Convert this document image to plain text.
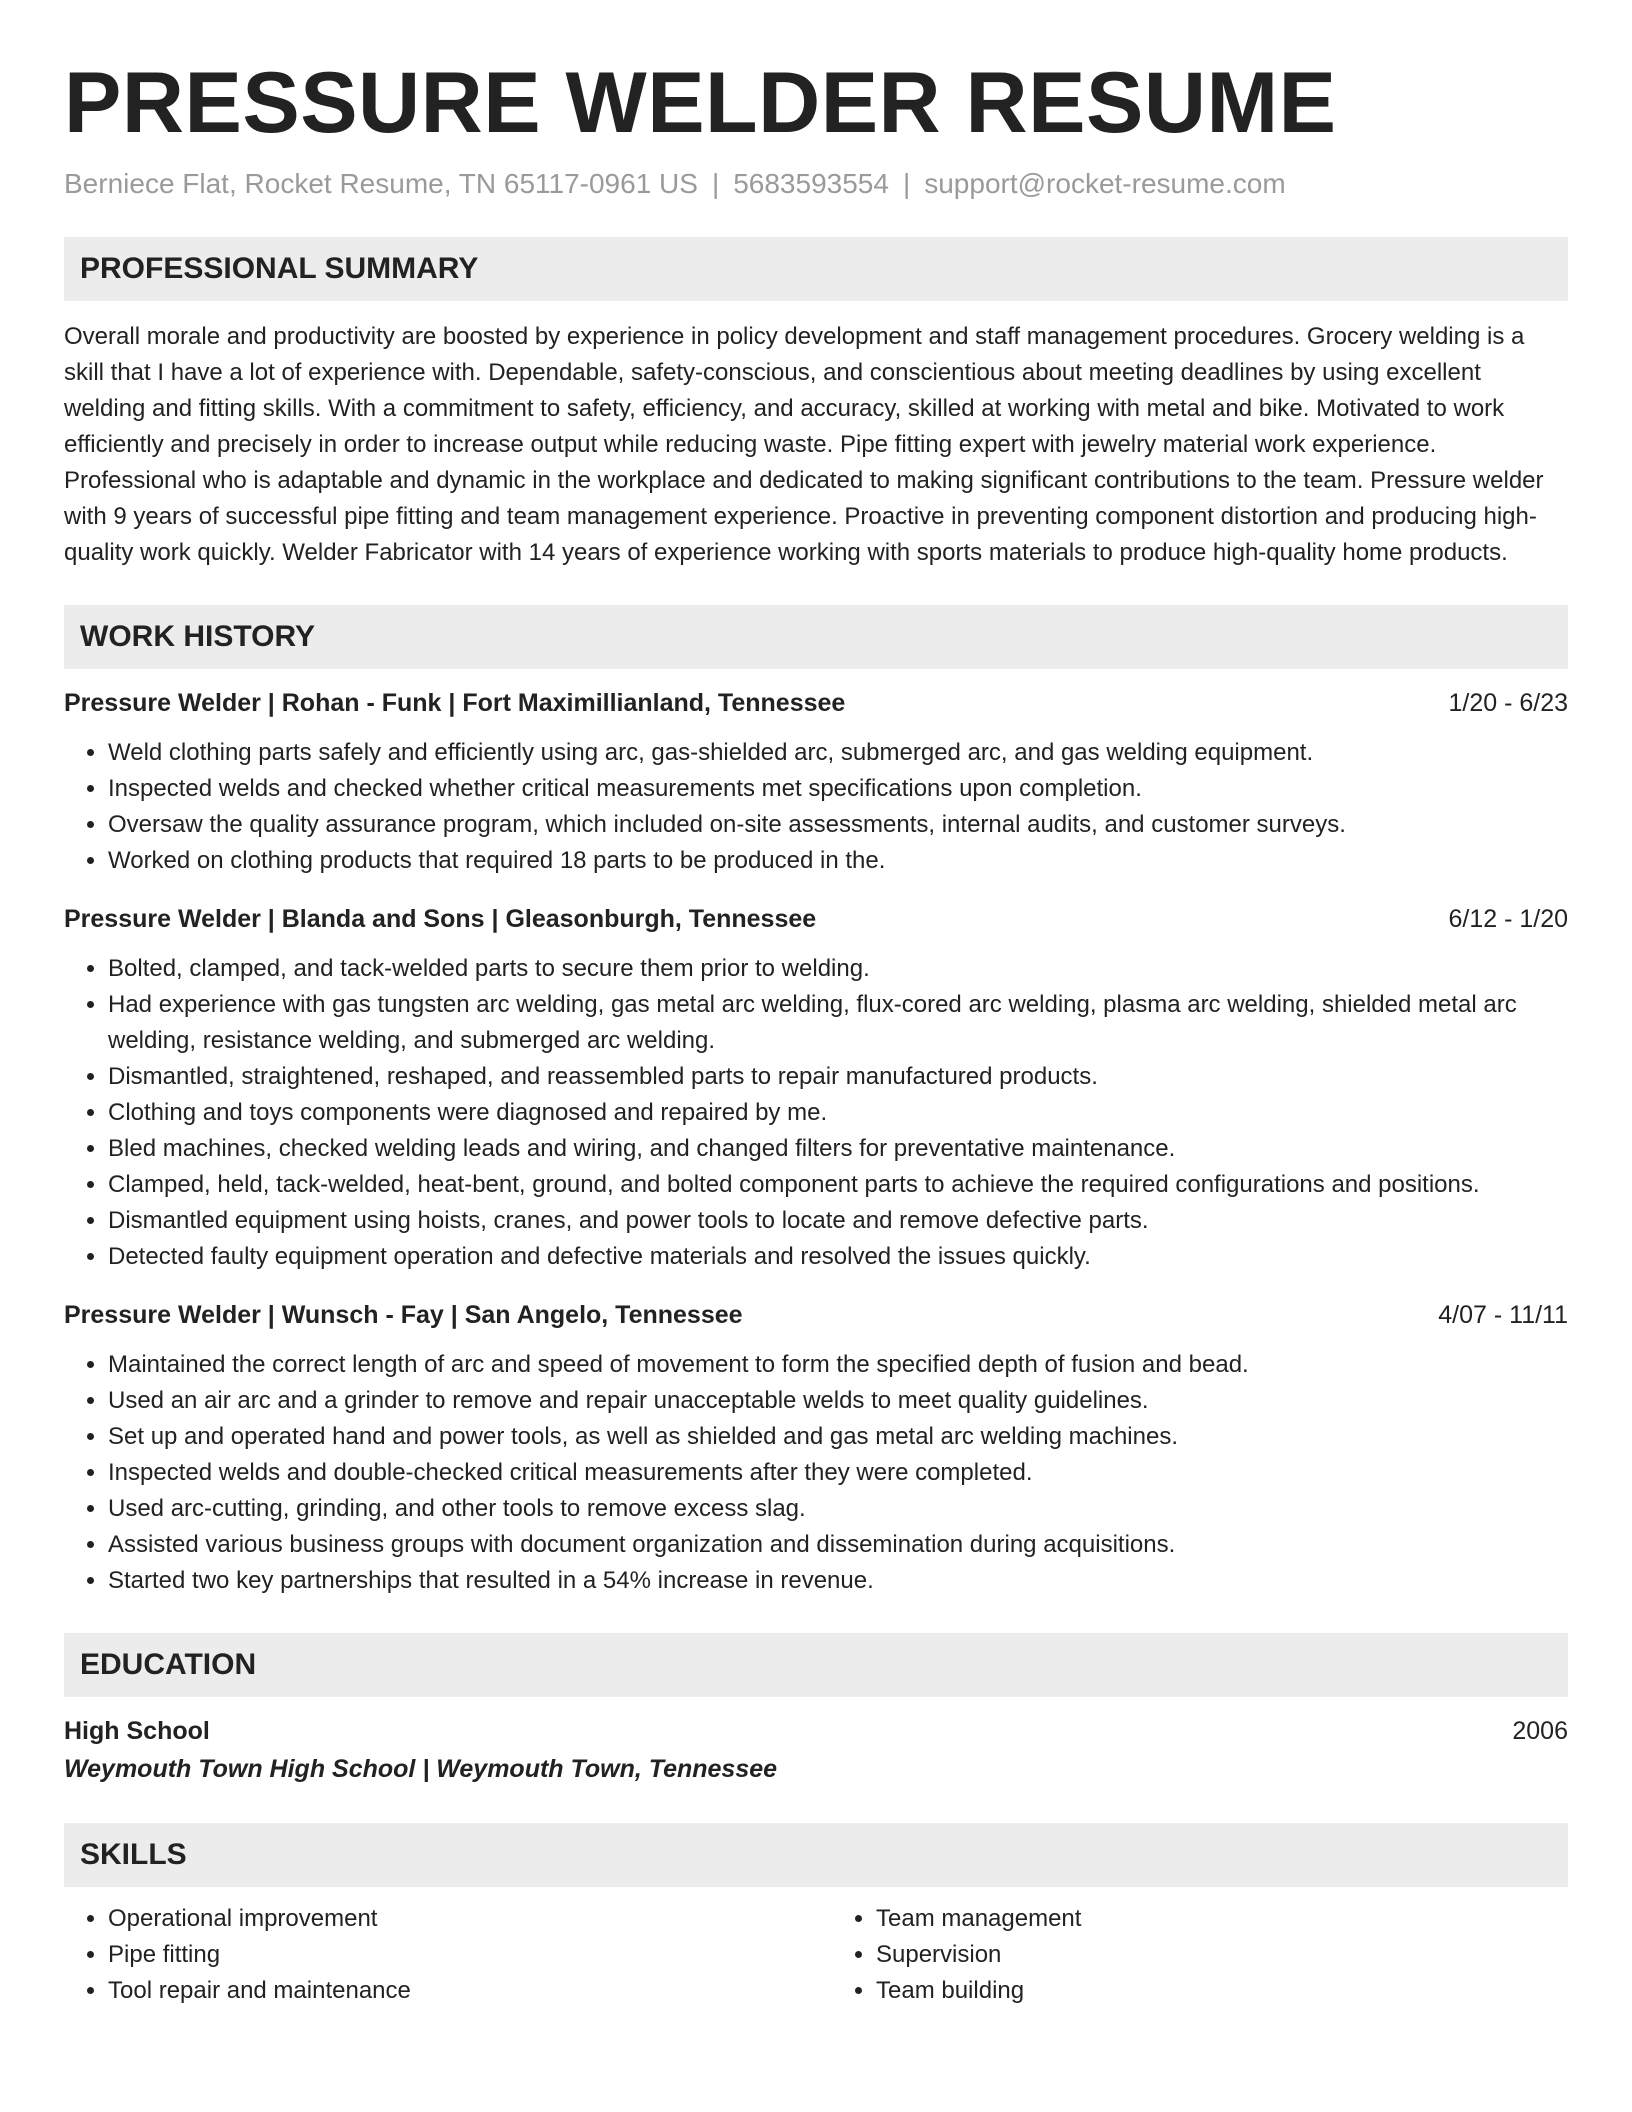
PRESSURE WELDER RESUME
Berniece Flat, Rocket Resume, TN 65117-0961 US | 5683593554 | support@rocket-resume.com
PROFESSIONAL SUMMARY
Overall morale and productivity are boosted by experience in policy development and staff management procedures. Grocery welding is a skill that I have a lot of experience with. Dependable, safety-conscious, and conscientious about meeting deadlines by using excellent welding and fitting skills. With a commitment to safety, efficiency, and accuracy, skilled at working with metal and bike. Motivated to work efficiently and precisely in order to increase output while reducing waste. Pipe fitting expert with jewelry material work experience. Professional who is adaptable and dynamic in the workplace and dedicated to making significant contributions to the team. Pressure welder with 9 years of successful pipe fitting and team management experience. Proactive in preventing component distortion and producing high-quality work quickly. Welder Fabricator with 14 years of experience working with sports materials to produce high-quality home products.
WORK HISTORY
Pressure Welder | Rohan - Funk | Fort Maximillianland, Tennessee	1/20 - 6/23
• Weld clothing parts safely and efficiently using arc, gas-shielded arc, submerged arc, and gas welding equipment.
• Inspected welds and checked whether critical measurements met specifications upon completion.
• Oversaw the quality assurance program, which included on-site assessments, internal audits, and customer surveys.
• Worked on clothing products that required 18 parts to be produced in the.
Pressure Welder | Blanda and Sons | Gleasonburgh, Tennessee	6/12 - 1/20
• Bolted, clamped, and tack-welded parts to secure them prior to welding.
• Had experience with gas tungsten arc welding, gas metal arc welding, flux-cored arc welding, plasma arc welding, shielded metal arc welding, resistance welding, and submerged arc welding.
• Dismantled, straightened, reshaped, and reassembled parts to repair manufactured products.
• Clothing and toys components were diagnosed and repaired by me.
• Bled machines, checked welding leads and wiring, and changed filters for preventative maintenance.
• Clamped, held, tack-welded, heat-bent, ground, and bolted component parts to achieve the required configurations and positions.
• Dismantled equipment using hoists, cranes, and power tools to locate and remove defective parts.
• Detected faulty equipment operation and defective materials and resolved the issues quickly.
Pressure Welder | Wunsch - Fay | San Angelo, Tennessee	4/07 - 11/11
• Maintained the correct length of arc and speed of movement to form the specified depth of fusion and bead.
• Used an air arc and a grinder to remove and repair unacceptable welds to meet quality guidelines.
• Set up and operated hand and power tools, as well as shielded and gas metal arc welding machines.
• Inspected welds and double-checked critical measurements after they were completed.
• Used arc-cutting, grinding, and other tools to remove excess slag.
• Assisted various business groups with document organization and dissemination during acquisitions.
• Started two key partnerships that resulted in a 54% increase in revenue.
EDUCATION
High School	2006
Weymouth Town High School | Weymouth Town, Tennessee
SKILLS
• Operational improvement
• Pipe fitting
• Tool repair and maintenance
• Team management
• Supervision
• Team building
